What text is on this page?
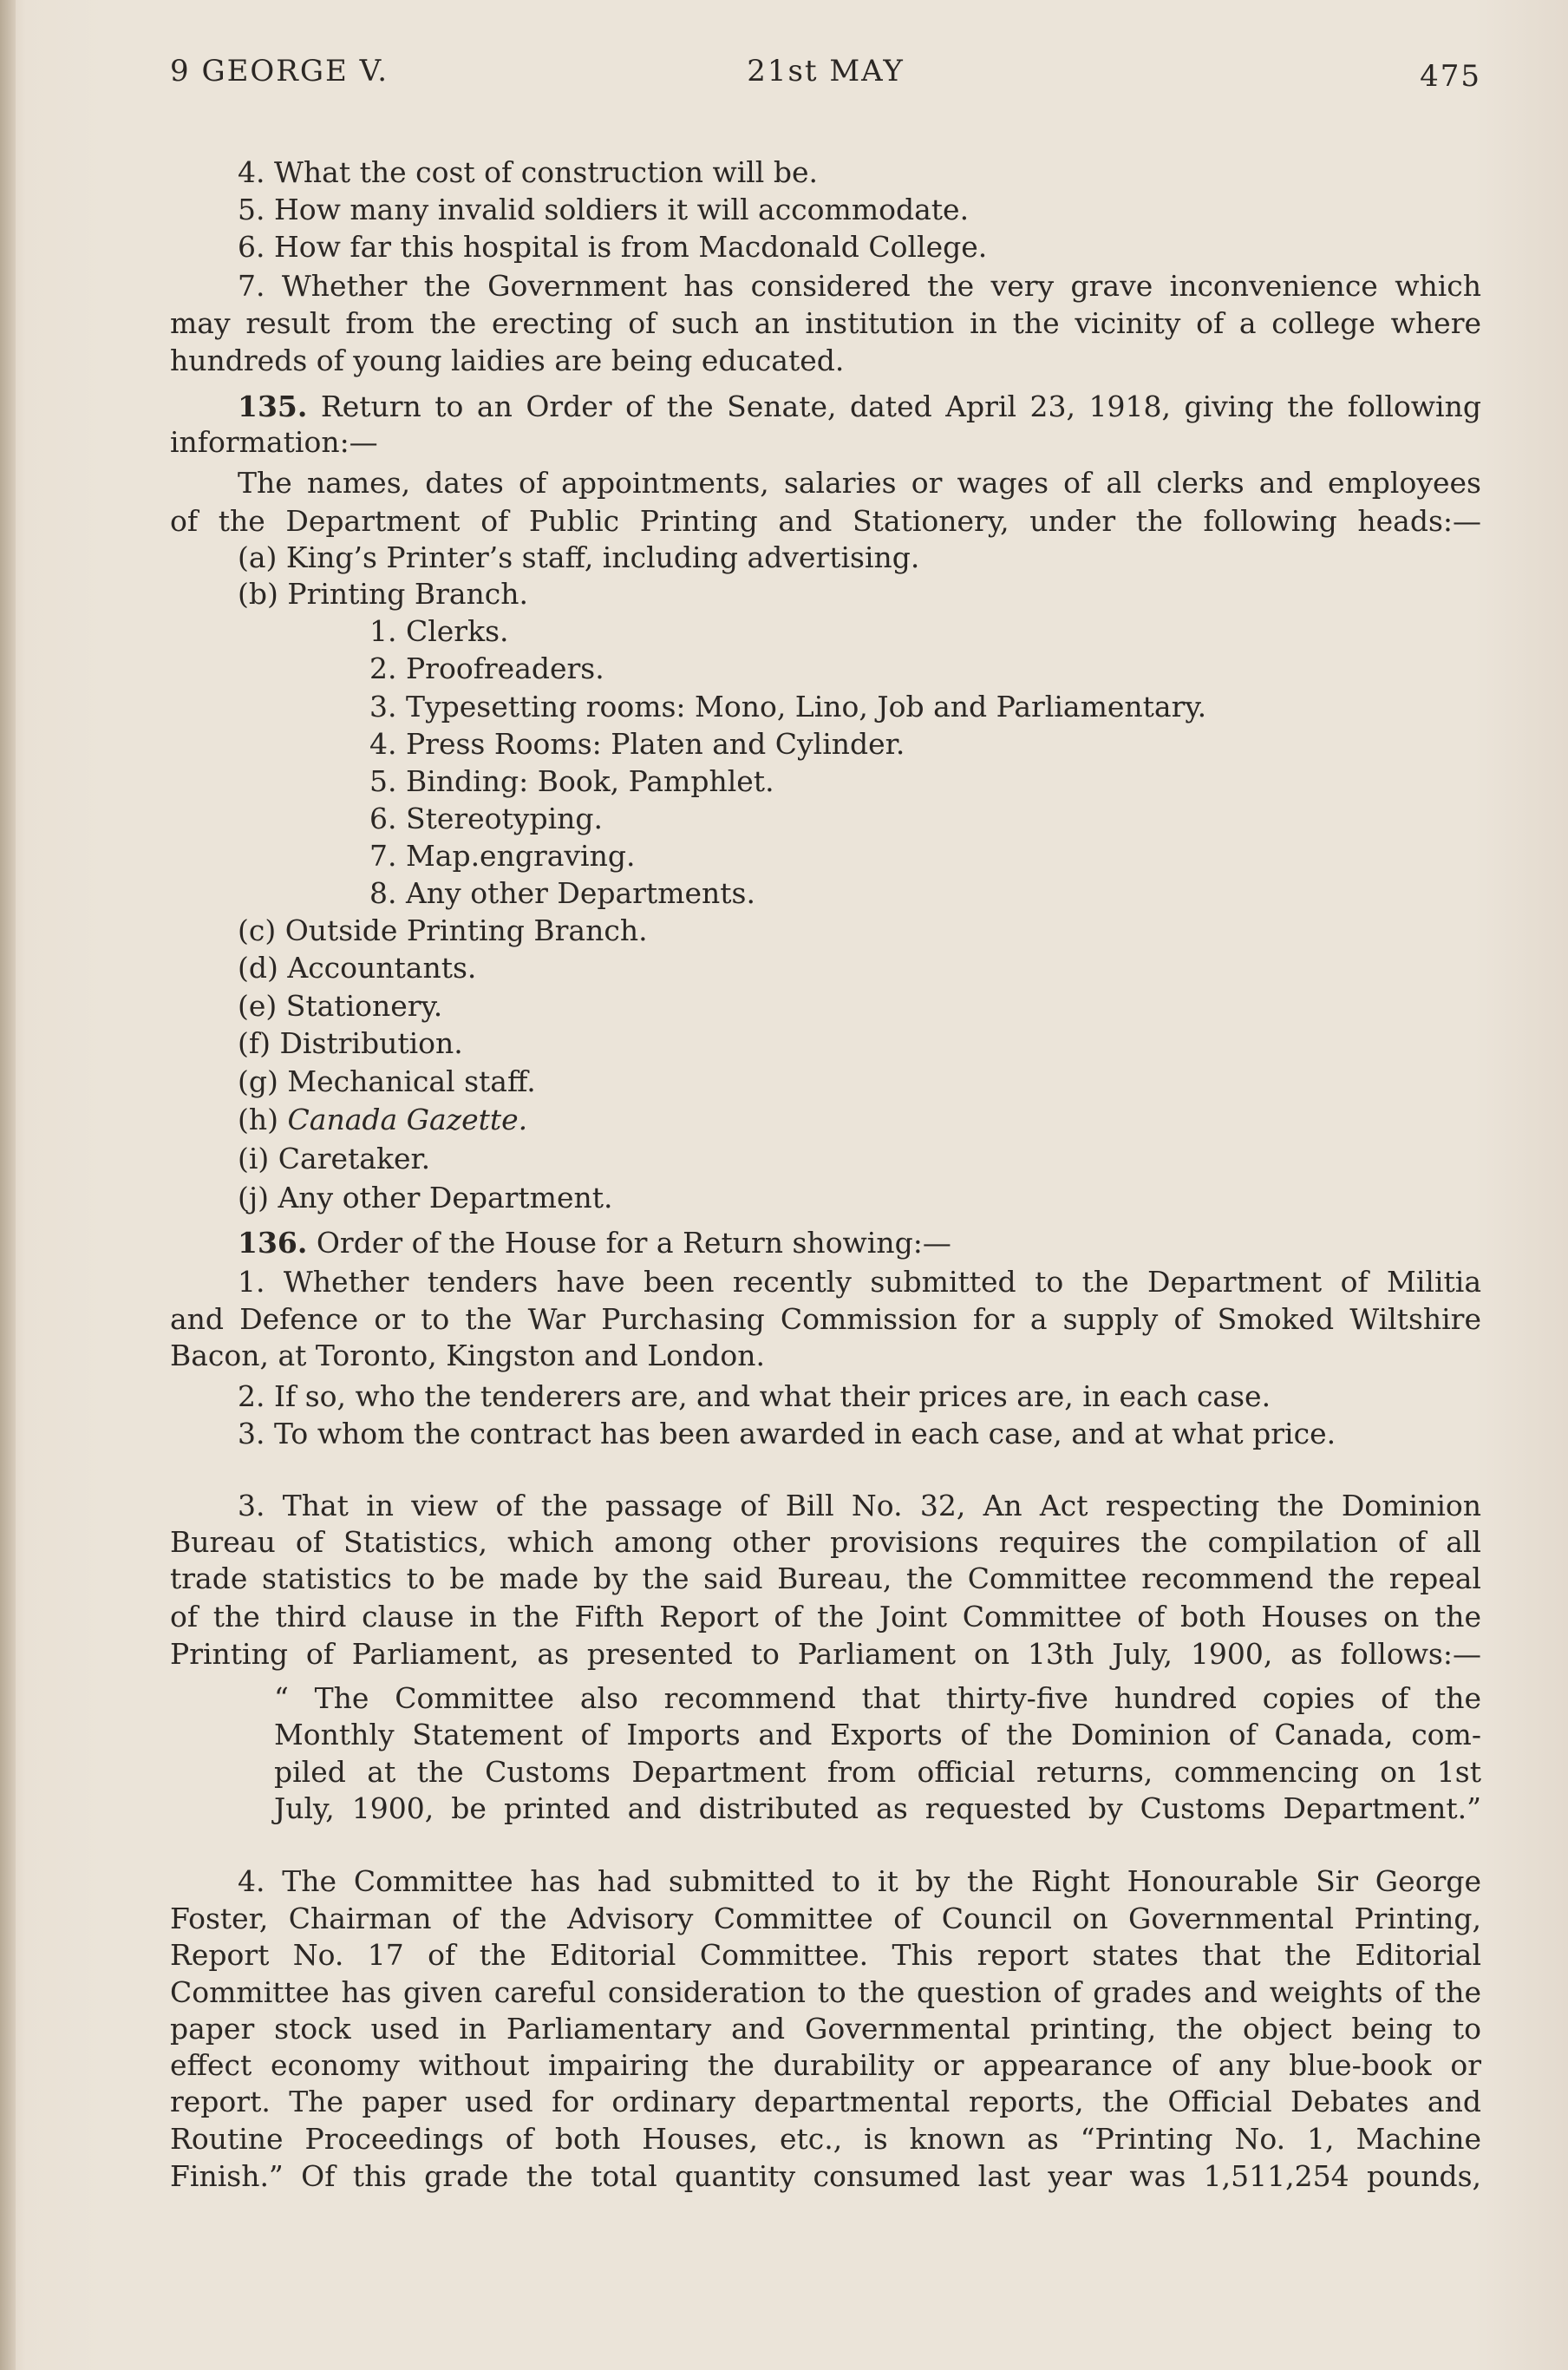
9 GEORGE V.	21st MAY	475
4. What the cost of construction will be.
5. How many invalid soldiers it will accommodate.
6. How far this hospital is from Macdonald College.
7. Whether the Government has considered the very grave inconvenience which
may result from the erecting of such an institution in the vicinity of a college where
hundreds of young laidies are being educated.
135. Return to an Order of the Senate, dated April 23, 1918, giving the following
information:—
The names, dates of appointments, salaries or wages of all clerks and employees
of the Department of Public Printing and Stationery, under the following heads:—
(a) King’s Printer’s staff, including advertising.
(b) Printing Branch.
1. Clerks.
2. Proofreaders.
3. Typesetting rooms: Mono, Lino, Job and Parliamentary.
4. Press Rooms: Platen and Cylinder.
5. Binding: Book, Pamphlet.
6. Stereotyping.
7. Map.engraving.
8. Any other Departments.
(c) Outside Printing Branch.
(d) Accountants.
(e) Stationery.
(f) Distribution.
(g) Mechanical staff.
(h) Canada Gazette.
(i) Caretaker.
(j) Any other Department.
136. Order of the House for a Return showing:—
1. Whether tenders have been recently submitted to the Department of Militia
and Defence or to the War Purchasing Commission for a supply of Smoked Wiltshire
Bacon, at Toronto, Kingston and London.
2. If so, who the tenderers are, and what their prices are, in each case.
3. To whom the contract has been awarded in each case, and at what price.
3. That in view of the passage of Bill No. 32, An Act respecting the Dominion
Bureau of Statistics, which among other provisions requires the compilation of all
trade statistics to be made by the said Bureau, the Committee recommend the repeal
of the third clause in the Fifth Report of the Joint Committee of both Houses on the
Printing of Parliament, as presented to Parliament on 13th July, 1900, as follows:—
“ The Committee also recommend that thirty-five hundred copies of the
Monthly Statement of Imports and Exports of the Dominion of Canada, com-
piled at the Customs Department from official returns, commencing on 1st
July, 1900, be printed and distributed as requested by Customs Department.”
4. The Committee has had submitted to it by the Right Honourable Sir George
Foster, Chairman of the Advisory Committee of Council on Governmental Printing,
Report No. 17 of the Editorial Committee. This report states that the Editorial
Committee has given careful consideration to the question of grades and weights of the
paper stock used in Parliamentary and Governmental printing, the object being to
effect economy without impairing the durability or appearance of any blue-book or
report. The paper used for ordinary departmental reports, the Official Debates and
Routine Proceedings of both Houses, etc., is known as “Printing No. 1, Machine
Finish.” Of this grade the total quantity consumed last year was 1,511,254 pounds,
